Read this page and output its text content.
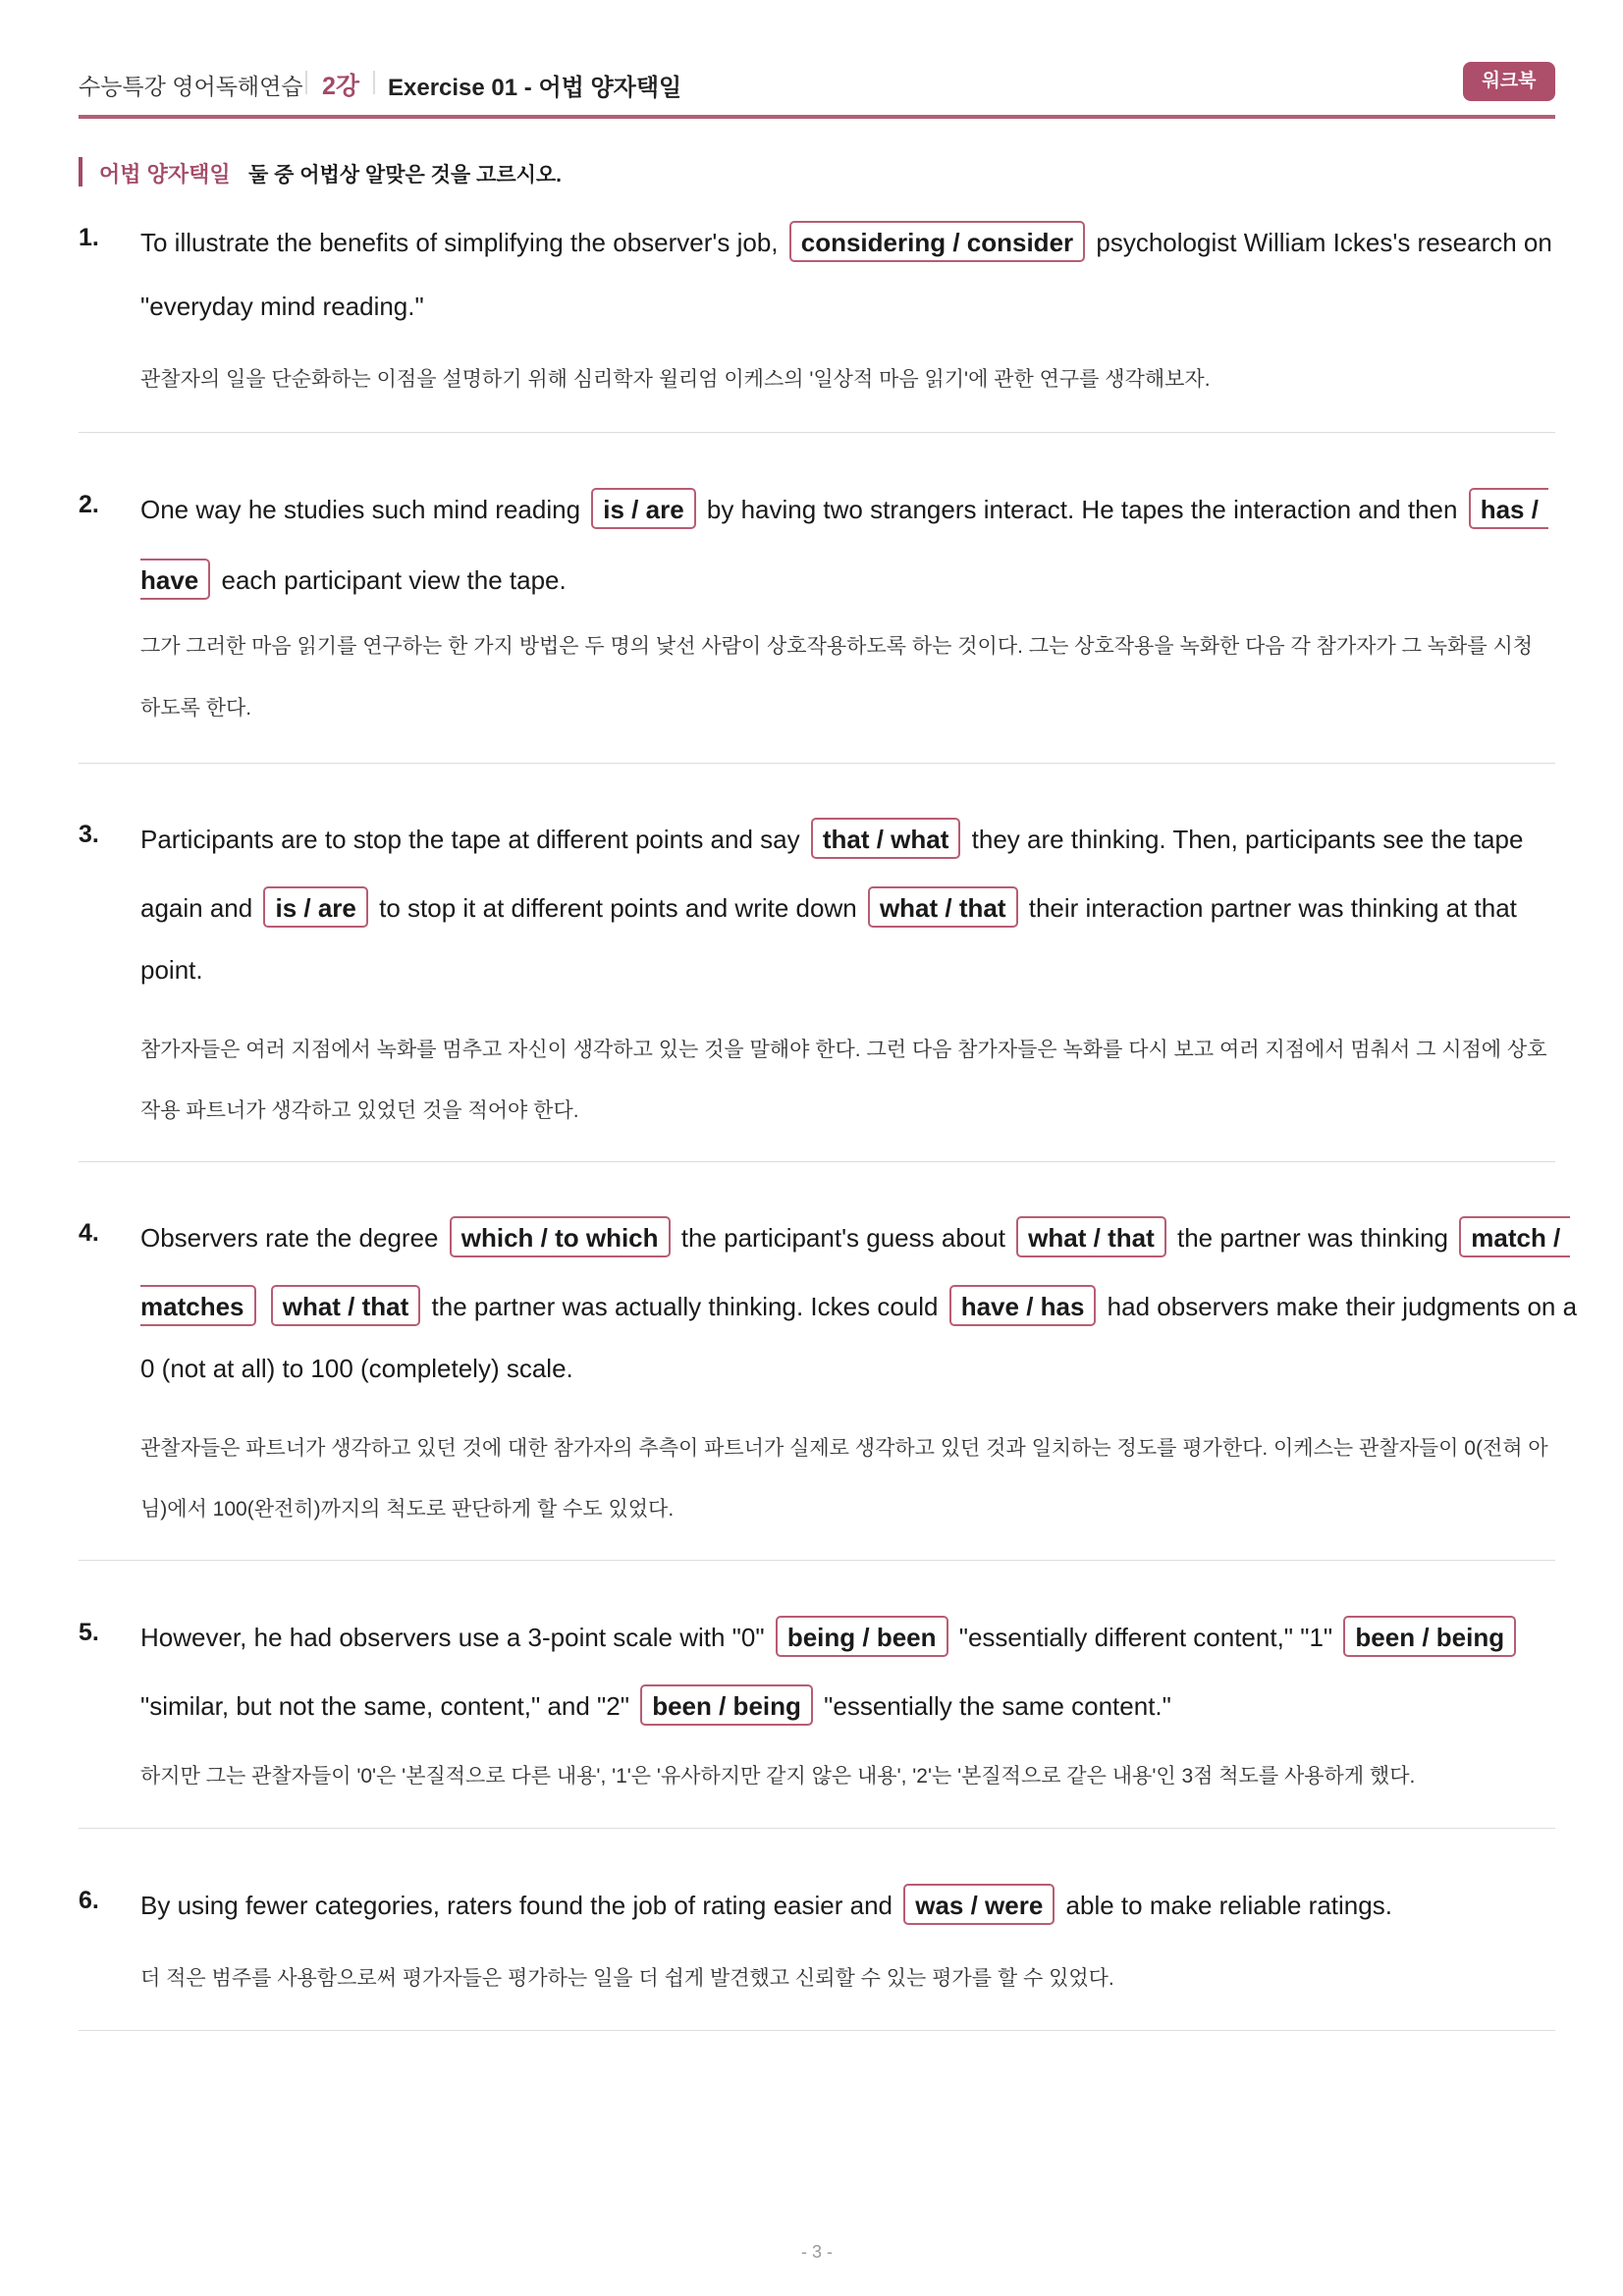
수능특강 영어독해연습 2강 Exercise 01 - 어법 양자택일	워크북
어법 양자택일 둘 중 어법상 알맞은 것을 고르시오.
1. To illustrate the benefits of simplifying the observer's job, considering / consider psychologist William Ickes's research on
"everyday mind reading."
관찰자의 일을 단순화하는 이점을 설명하기 위해 심리학자 윌리엄 이케스의 '일상적 마음 읽기'에 관한 연구를 생각해보자.
2. One way he studies such mind reading is / are by having two strangers interact. He tapes the interaction and then has /
have each participant view the tape.
그가 그러한 마음 읽기를 연구하는 한 가지 방법은 두 명의 낯선 사람이 상호작용하도록 하는 것이다. 그는 상호작용을 녹화한 다음 각 참가자가 그 녹화를 시청
하도록 한다.
3. Participants are to stop the tape at different points and say that / what they are thinking. Then, participants see the tape
again and is / are to stop it at different points and write down what / that their interaction partner was thinking at that
point.
참가자들은 여러 지점에서 녹화를 멈추고 자신이 생각하고 있는 것을 말해야 한다. 그런 다음 참가자들은 녹화를 다시 보고 여러 지점에서 멈춰서 그 시점에 상호
작용 파트너가 생각하고 있었던 것을 적어야 한다.
4. Observers rate the degree which / to which the participant's guess about what / that the partner was thinking match /
matches what / that the partner was actually thinking. Ickes could have / has had observers make their judgments on a
0 (not at all) to 100 (completely) scale.
관찰자들은 파트너가 생각하고 있던 것에 대한 참가자의 추측이 파트너가 실제로 생각하고 있던 것과 일치하는 정도를 평가한다. 이케스는 관찰자들이 0(전혀 아
님)에서 100(완전히)까지의 척도로 판단하게 할 수도 있었다.
5. However, he had observers use a 3-point scale with "0" being / been "essentially different content," "1" been / being
"similar, but not the same, content," and "2" been / being "essentially the same content."
하지만 그는 관찰자들이 '0'은 '본질적으로 다른 내용', '1'은 '유사하지만 같지 않은 내용', '2'는 '본질적으로 같은 내용'인 3점 척도를 사용하게 했다.
6. By using fewer categories, raters found the job of rating easier and was / were able to make reliable ratings.
더 적은 범주를 사용함으로써 평가자들은 평가하는 일을 더 쉽게 발견했고 신뢰할 수 있는 평가를 할 수 있었다.
- 3 -
